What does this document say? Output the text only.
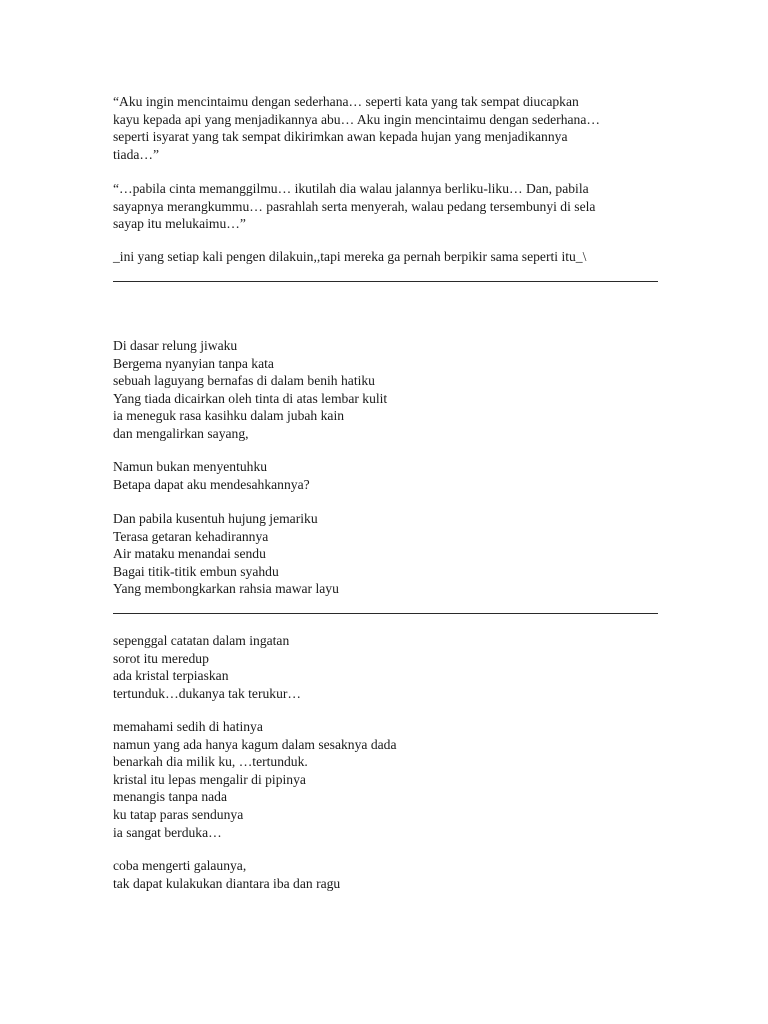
“Aku ingin mencintaimu dengan sederhana… seperti kata yang tak sempat diucapkan
kayu kepada api yang menjadikannya abu… Aku ingin mencintaimu dengan sederhana…
seperti isyarat yang tak sempat dikirimkan awan kepada hujan yang menjadikannya
tiada…”
“…pabila cinta memanggilmu… ikutilah dia walau jalannya berliku-liku… Dan, pabila
sayapnya merangkummu… pasrahlah serta menyerah, walau pedang tersembunyi di sela
sayap itu melukaimu…”
_ini yang setiap kali pengen dilakuin,,tapi mereka ga pernah berpikir sama seperti itu_\
Di dasar relung jiwaku
Bergema nyanyian tanpa kata
sebuah laguyang bernafas di dalam benih hatiku
Yang tiada dicairkan oleh tinta di atas lembar kulit
ia meneguk rasa kasihku dalam jubah kain
dan mengalirkan sayang,
Namun bukan menyentuhku
Betapa dapat aku mendesahkannya?
Dan pabila kusentuh hujung jemariku
Terasa getaran kehadirannya
Air mataku menandai sendu
Bagai titik-titik embun syahdu
Yang membongkarkan rahsia mawar layu
sepenggal catatan dalam ingatan
sorot itu meredup
ada kristal terpiaskan
tertunduk…dukanya tak terukur…
memahami sedih di hatinya
namun yang ada hanya kagum dalam sesaknya dada
benarkah dia milik ku, …tertunduk.
kristal itu lepas mengalir di pipinya
menangis tanpa nada
ku tatap paras sendunya
ia sangat berduka…
coba mengerti galaunya,
tak dapat kulakukan diantara iba dan ragu
